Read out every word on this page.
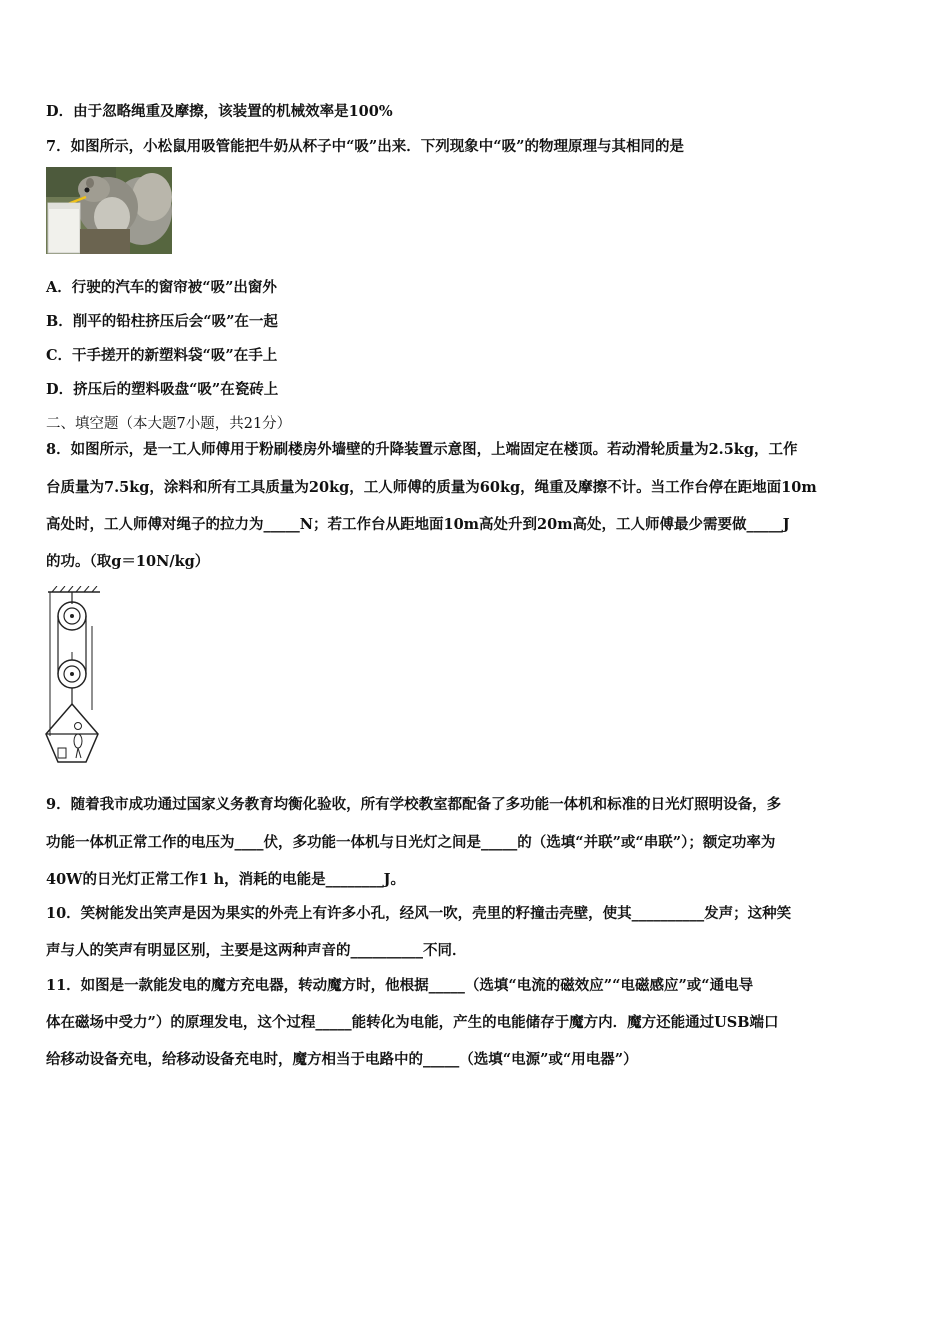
D．由于忽略绳重及摩擦，该装置的机械效率是100%
7．如图所示，小松鼠用吸管能把牛奶从杯子中“吸”出来．下列现象中“吸”的物理原理与其相同的是
A．行驶的汽车的窗帘被“吸”出窗外
B．削平的铅柱挤压后会“吸”在一起
C．干手搓开的新塑料袋“吸”在手上
D．挤压后的塑料吸盘“吸”在瓷砖上
二、填空题（本大题7小题，共21分）
8．如图所示，是一工人师傅用于粉刷楼房外墙壁的升降装置示意图，上端固定在楼顶。若动滑轮质量为2.5kg，工作
台质量为7.5kg，涂料和所有工具质量为20kg，工人师傅的质量为60kg，绳重及摩擦不计。当工作台停在距地面10m
高处时，工人师傅对绳子的拉力为_____N；若工作台从距地面10m高处升到20m高处，工人师傅最少需要做_____J
的功。（取g＝10N/kg）
9．随着我市成功通过国家义务教育均衡化验收，所有学校教室都配备了多功能一体机和标准的日光灯照明设备，多
功能一体机正常工作的电压为____伏，多功能一体机与日光灯之间是_____的（选填“并联”或“串联”）；额定功率为
40W的日光灯正常工作1 h，消耗的电能是________J。
10．笑树能发出笑声是因为果实的外壳上有许多小孔，经风一吹，壳里的籽撞击壳壁，使其__________发声；这种笑
声与人的笑声有明显区别，主要是这两种声音的__________不同．
11．如图是一款能发电的魔方充电器，转动魔方时，他根据_____（选填“电流的磁效应”“电磁感应”或“通电导
体在磁场中受力”）的原理发电，这个过程_____能转化为电能，产生的电能储存于魔方内．魔方还能通过USB端口
给移动设备充电，给移动设备充电时，魔方相当于电路中的_____（选填“电源”或“用电器”）
